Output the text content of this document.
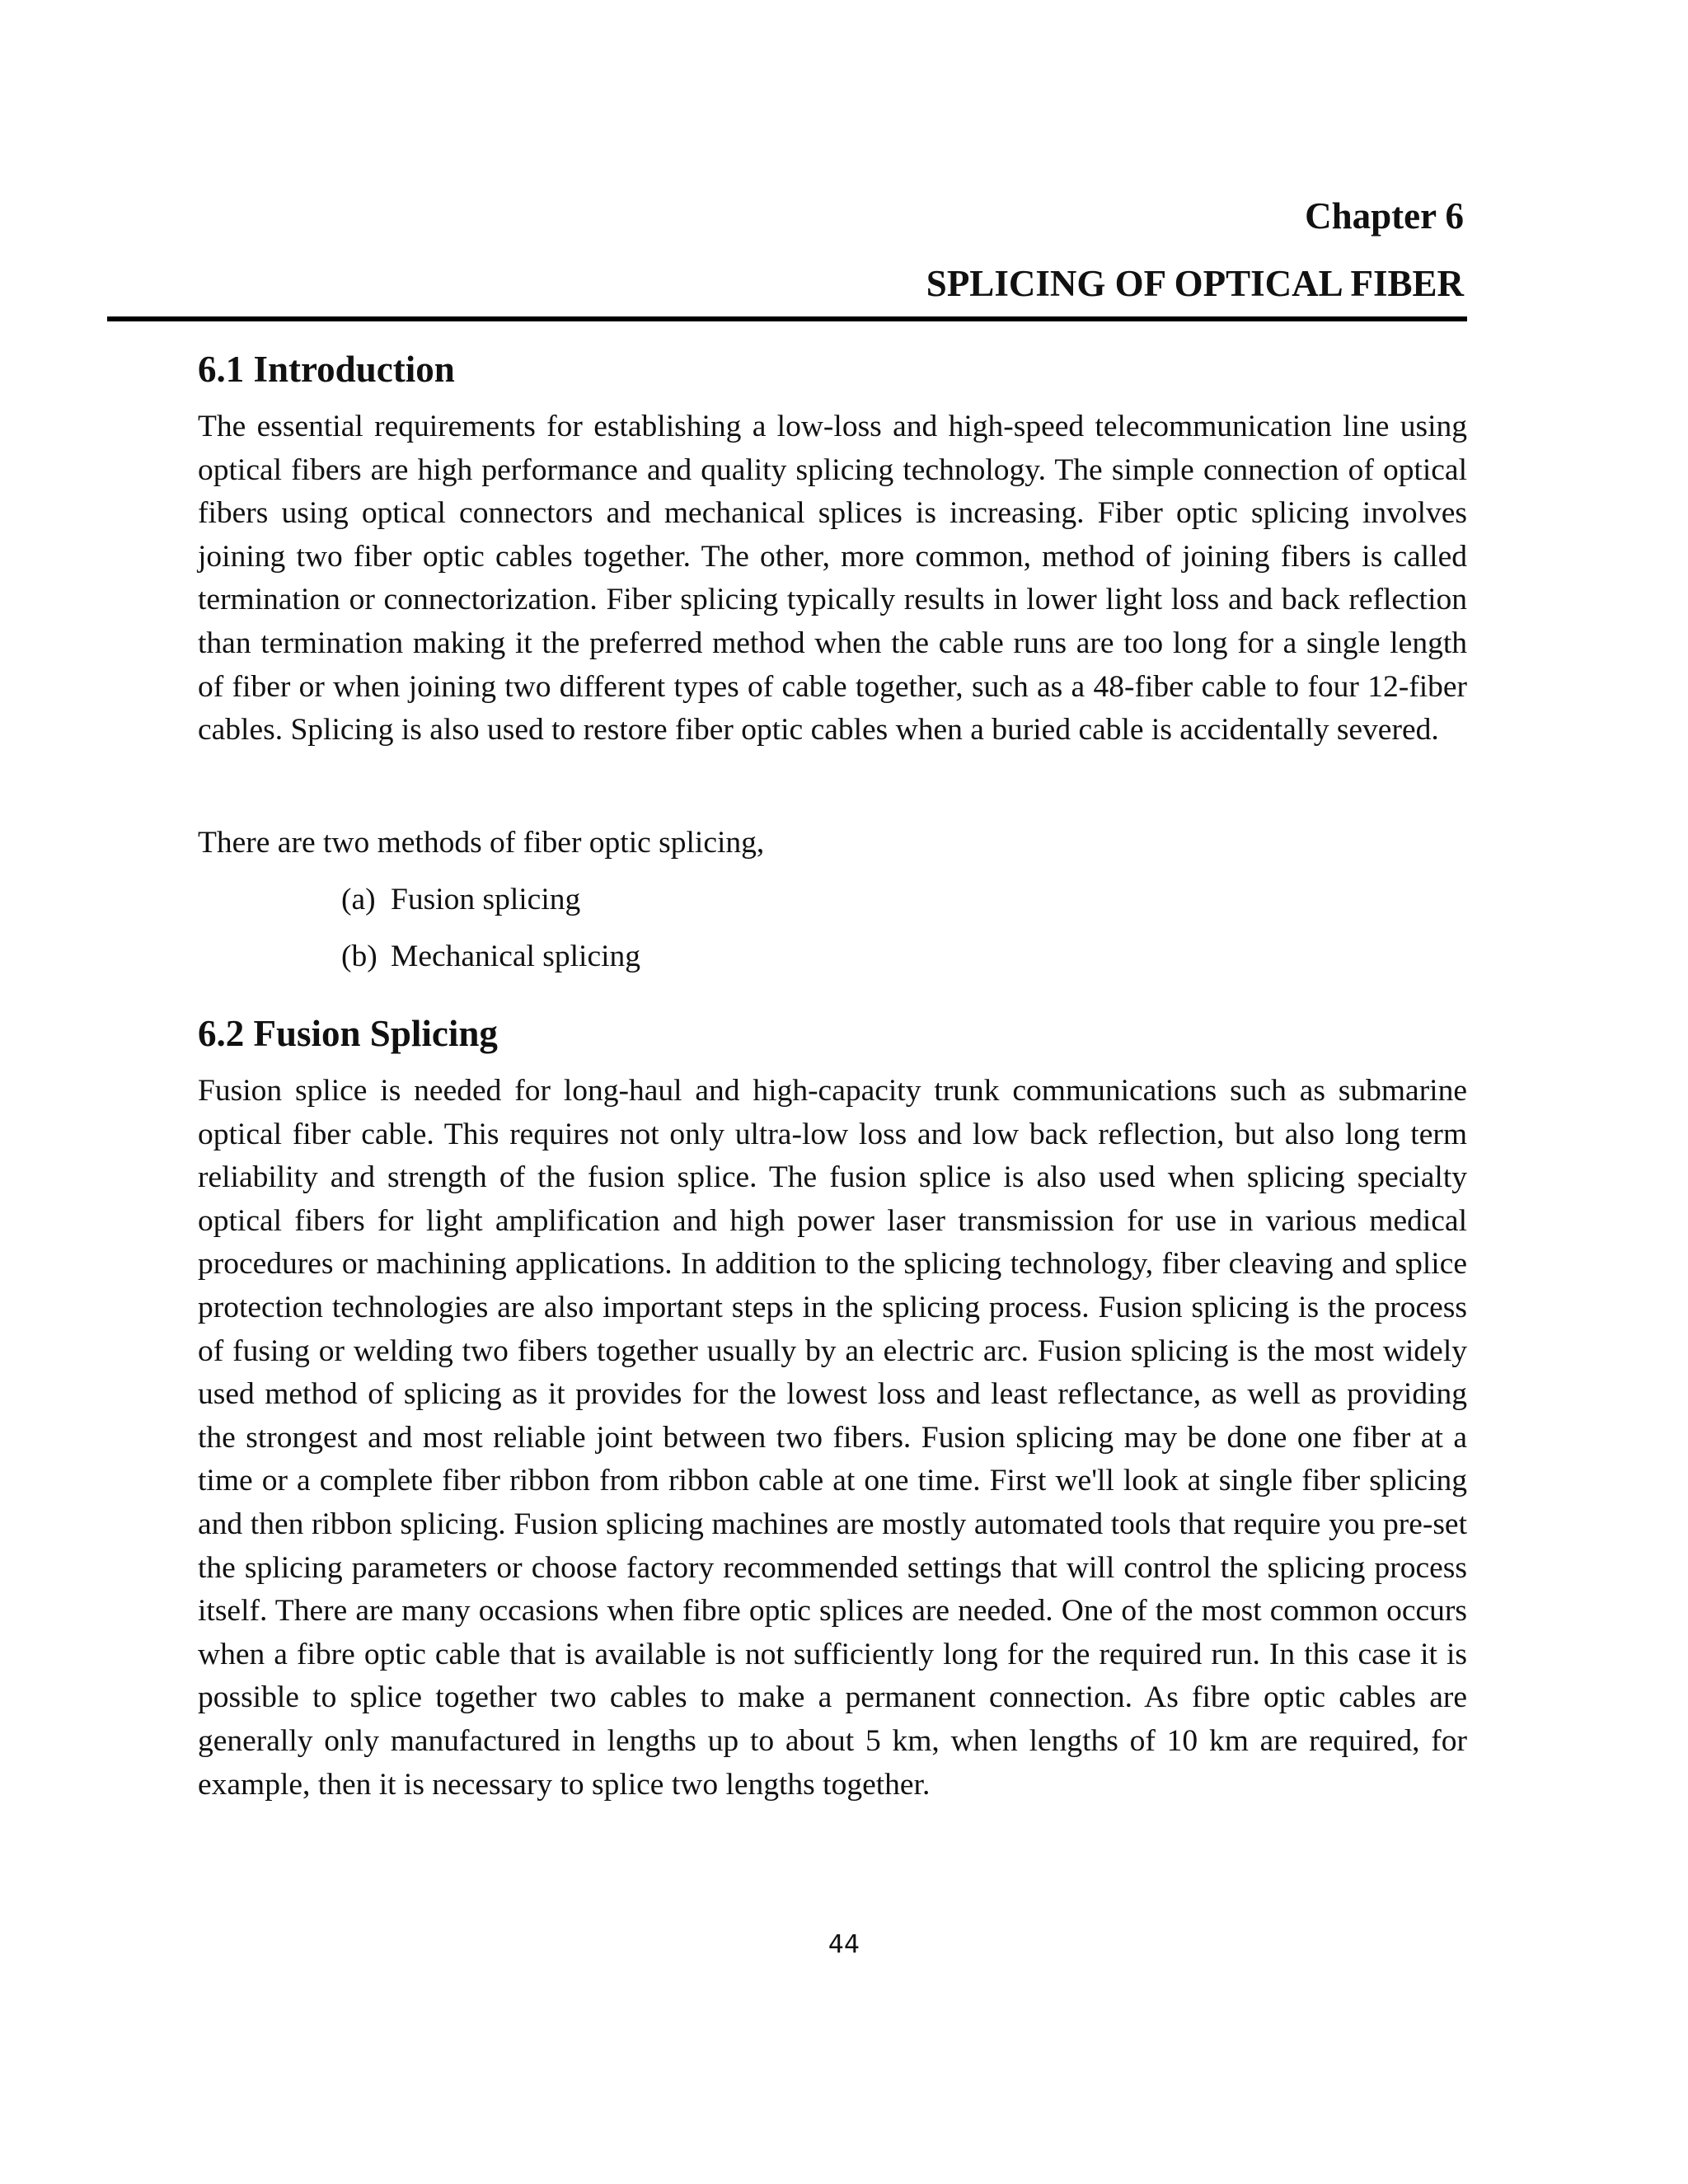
Chapter 6
SPLICING OF OPTICAL FIBER
6.1 Introduction

The essential requirements for establishing a low-loss and high-speed telecommunication line using optical fibers are high performance and quality splicing technology. The simple connection of optical fibers using optical connectors and mechanical splices is increasing. Fiber optic splicing involves joining two fiber optic cables together. The other, more common, method of joining fibers is called termination or connectorization. Fiber splicing typically results in lower light loss and back reflection than termination making it the preferred method when the cable runs are too long for a single length of fiber or when joining two different types of cable together, such as a 48-fiber cable to four 12-fiber cables. Splicing is also used to restore fiber optic cables when a buried cable is accidentally severed.

There are two methods of fiber optic splicing,
(a) Fusion splicing
(b) Mechanical splicing
6.2 Fusion Splicing

Fusion splice is needed for long-haul and high-capacity trunk communications such as submarine optical fiber cable. This requires not only ultra-low loss and low back reflection, but also long term reliability and strength of the fusion splice. The fusion splice is also used when splicing specialty optical fibers for light amplification and high power laser transmission for use in various medical procedures or machining applications. In addition to the splicing technology, fiber cleaving and splice protection technologies are also important steps in the splicing process. Fusion splicing is the process of fusing or welding two fibers together usually by an electric arc. Fusion splicing is the most widely used method of splicing as it provides for the lowest loss and least reflectance, as well as providing the strongest and most reliable joint between two fibers. Fusion splicing may be done one fiber at a time or a complete fiber ribbon from ribbon cable at one time. First we'll look at single fiber splicing and then ribbon splicing. Fusion splicing machines are mostly automated tools that require you pre-set the splicing parameters or choose factory recommended settings that will control the splicing process itself. There are many occasions when fibre optic splices are needed. One of the most common occurs when a fibre optic cable that is available is not sufficiently long for the required run. In this case it is possible to splice together two cables to make a permanent connection. As fibre optic cables are generally only manufactured in lengths up to about 5 km, when lengths of 10 km are required, for example, then it is necessary to splice two lengths together.

44
